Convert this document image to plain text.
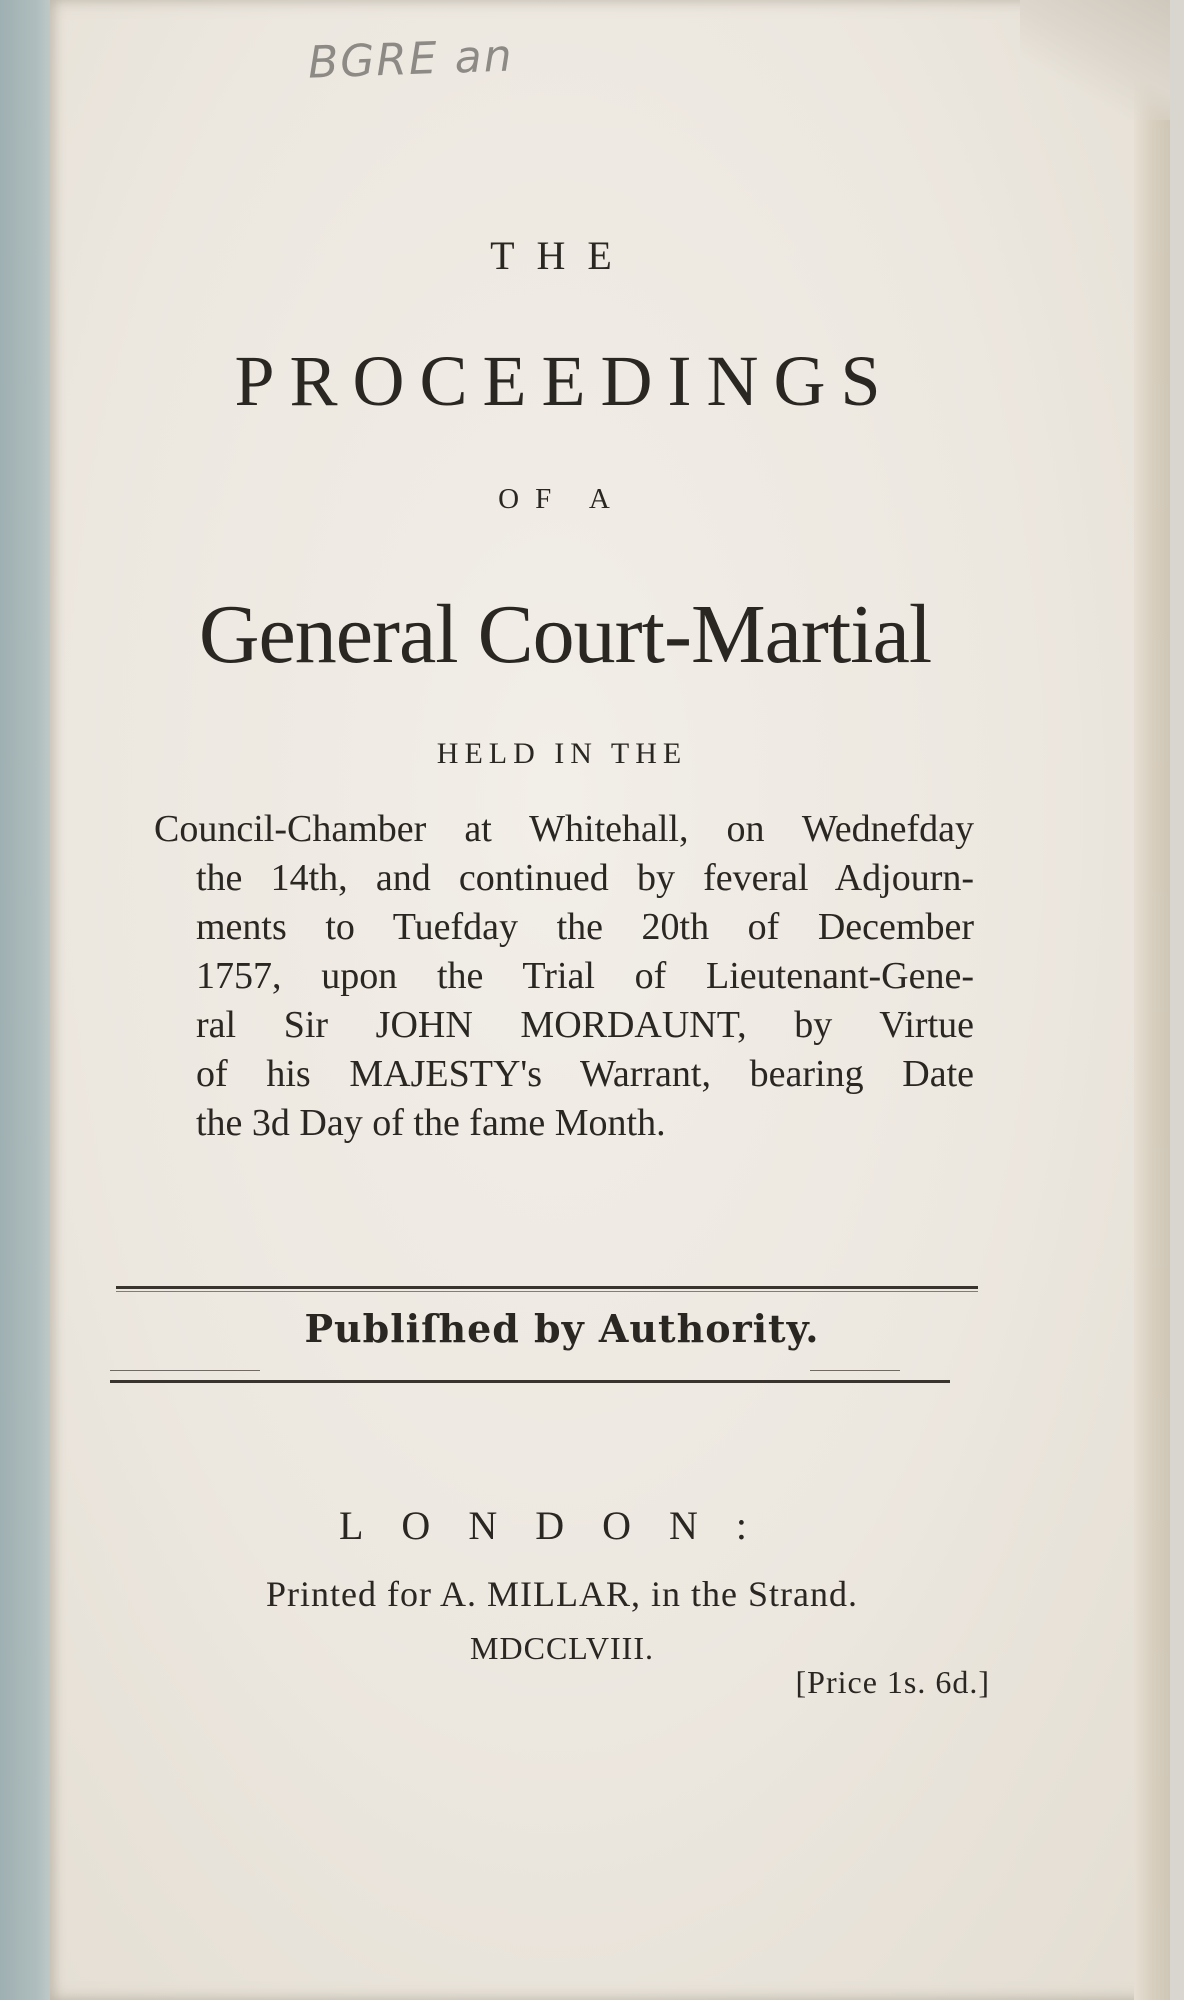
BGRE an
THE
PROCEEDINGS
OF A
General Court-Martial
HELD IN THE
Council-Chamber at Whitehall, on Wednefday
the 14th, and continued by feveral Adjourn-
ments to Tuefday the 20th of December
1757, upon the Trial of Lieutenant-Gene-
ral Sir JOHN MORDAUNT, by Virtue
of his MAJESTY's Warrant, bearing Date
the 3d Day of the fame Month.
Publiſhed by Authority.
LONDON:
Printed for A. MILLAR, in the Strand.
MDCCLVIII.
[Price 1s. 6d.]
